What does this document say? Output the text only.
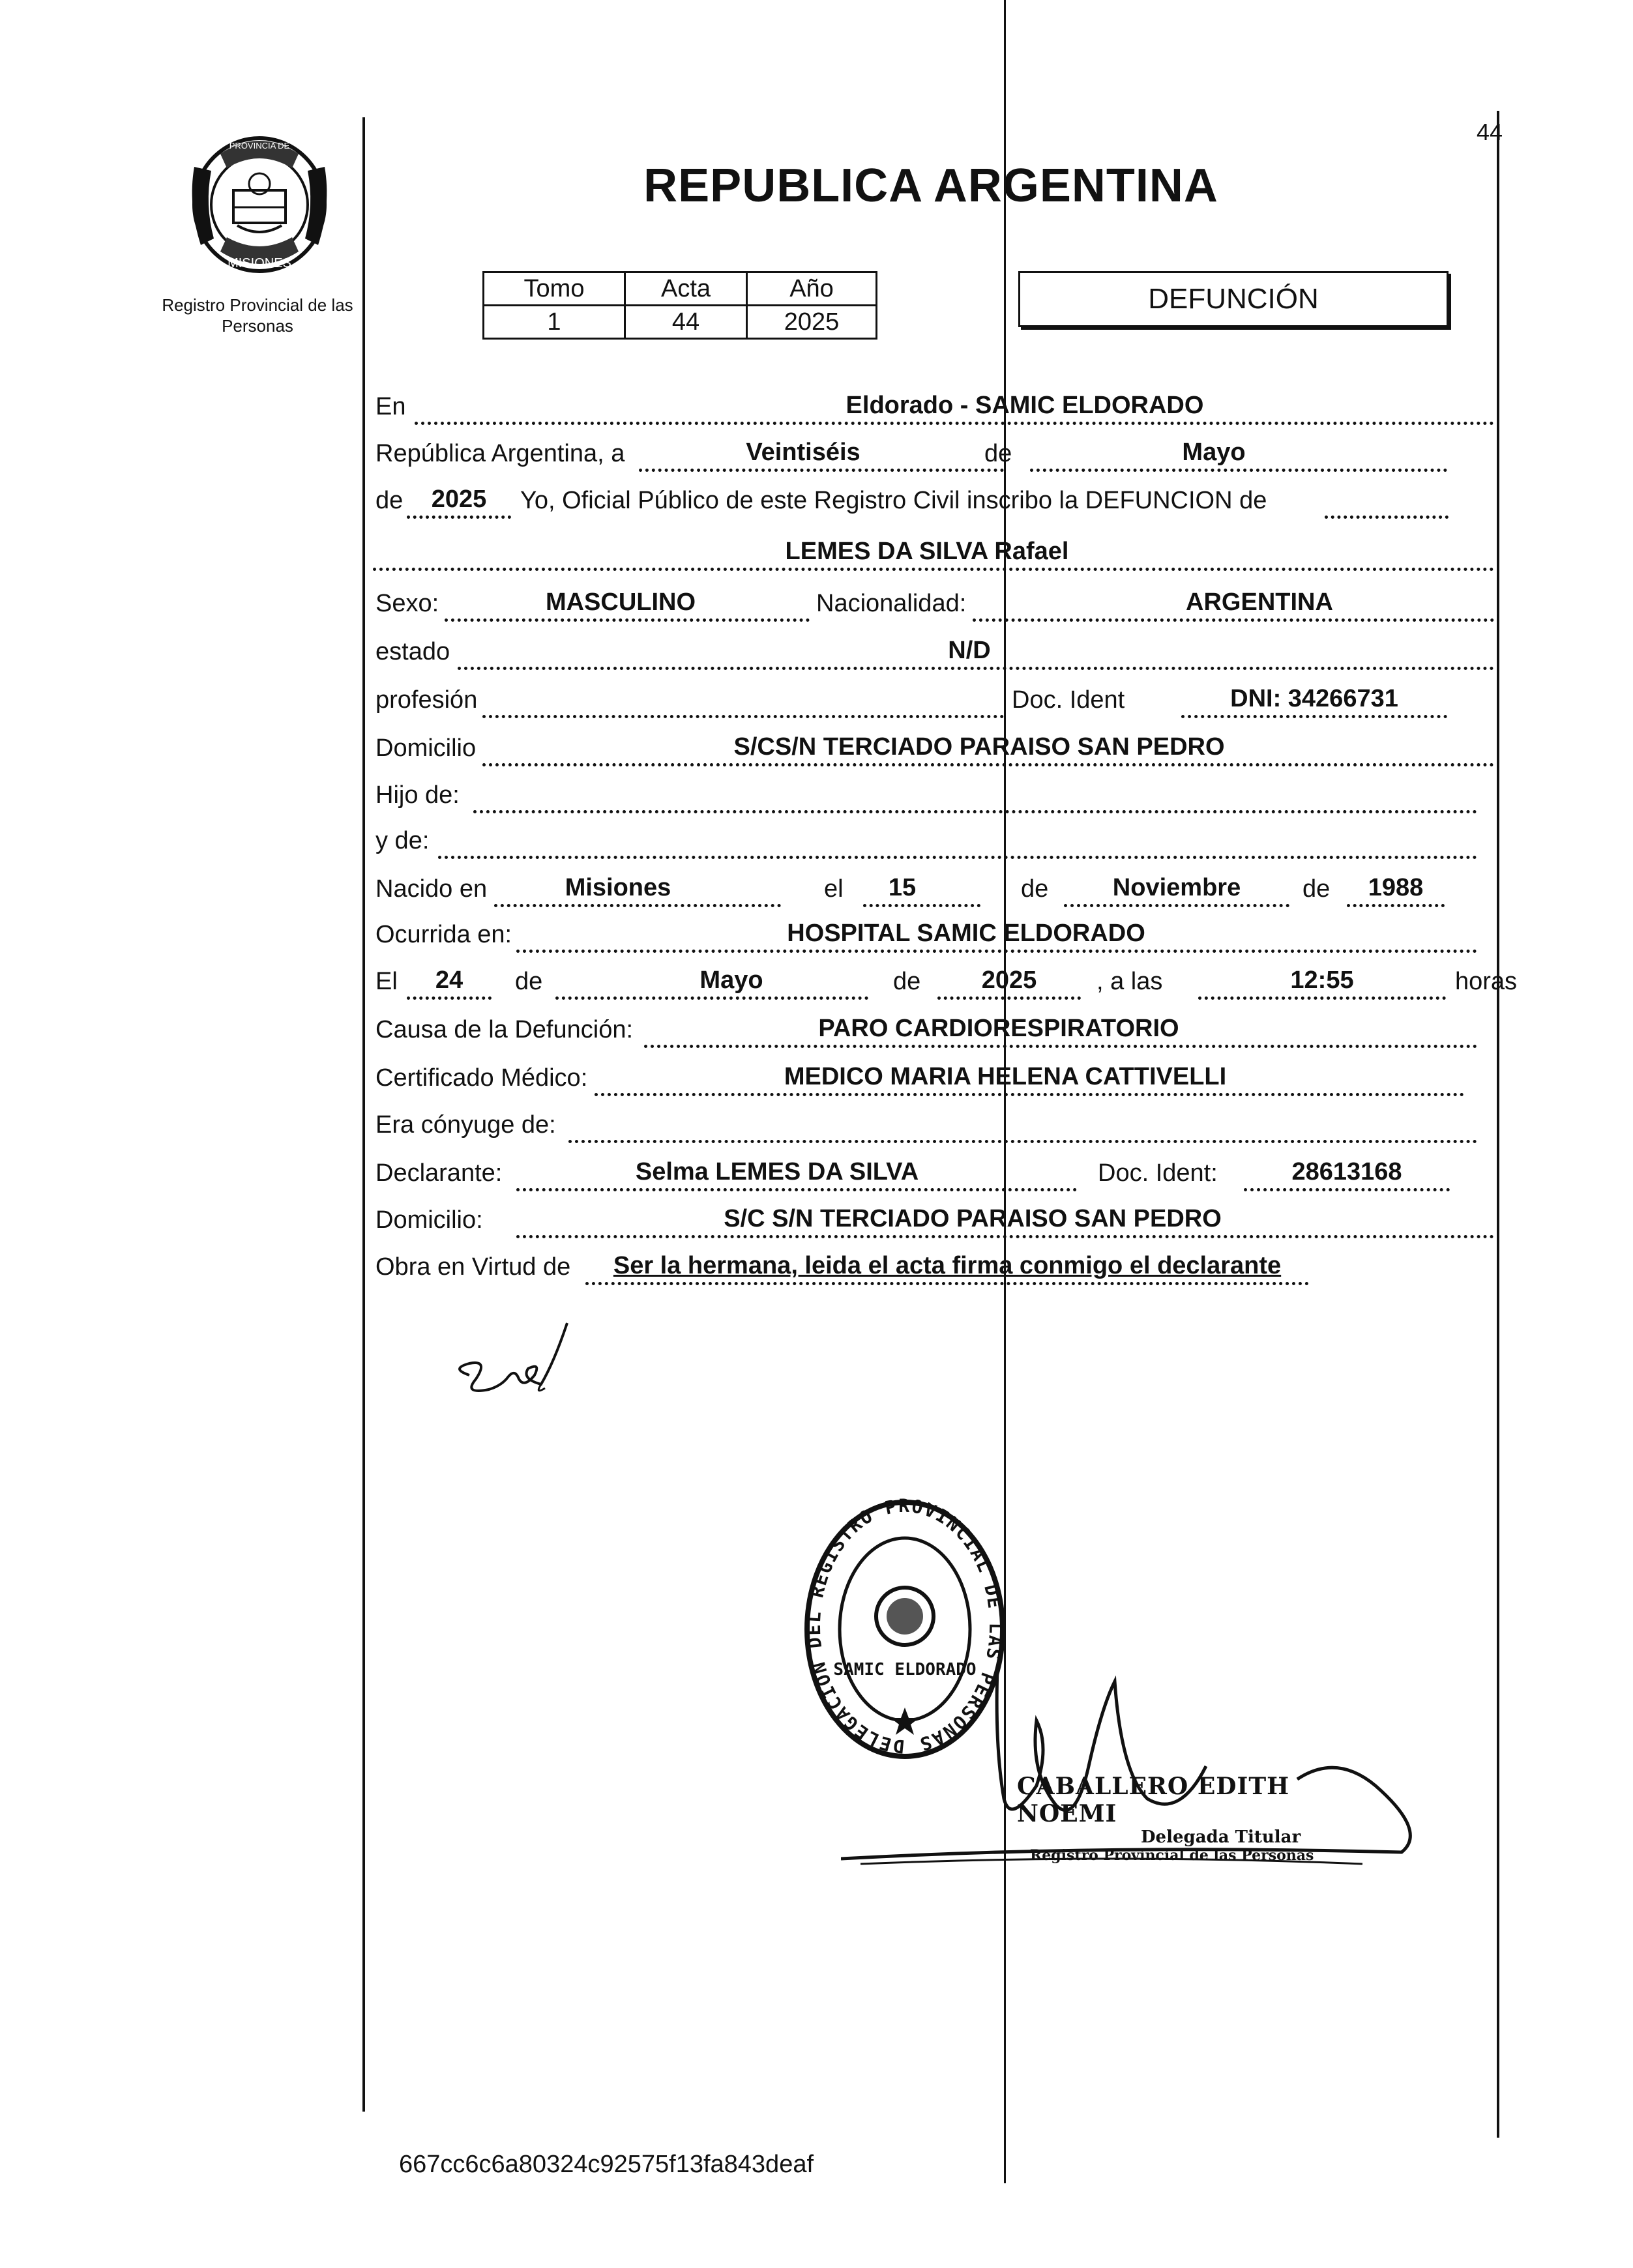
PROVINCIA DE
MISIONES
Registro Provincial de las Personas
44
REPUBLICA ARGENTINA
Tomo	Acta	Año
1	44	2025
DEFUNCIÓN
En	Eldorado - SAMIC ELDORADO
República Argentina, a	Veintiséis	de	Mayo
de	2025	Yo, Oficial Público de este Registro Civil inscribo la DEFUNCION de
LEMES DA SILVA Rafael
Sexo:	MASCULINO	Nacionalidad:	ARGENTINA
estado	N/D
profesión	Doc. Ident	DNI: 34266731
Domicilio	S/CS/N TERCIADO PARAISO SAN PEDRO
Hijo de:
y de:
Nacido en	Misiones	el	15	de	Noviembre	de	1988
Ocurrida en:	HOSPITAL SAMIC ELDORADO
El	24	de	Mayo	de	2025	, a las	12:55	horas
Causa de la Defunción:	PARO CARDIORESPIRATORIO
Certificado Médico:	MEDICO MARIA HELENA CATTIVELLI
Era cónyuge de:
Declarante:	Selma LEMES DA SILVA	Doc. Ident:	28613168
Domicilio:	S/C S/N TERCIADO PARAISO SAN PEDRO
Obra en Virtud de	Ser la hermana, leida el acta firma conmigo el declarante
DELEGACION DEL REGISTRO PROVINCIAL DE LAS PERSONAS
SAMIC ELDORADO
CABALLERO EDITH NOEMI
Delegada Titular
Registro Provincial de las Personas
667cc6c6a80324c92575f13fa843deaf
